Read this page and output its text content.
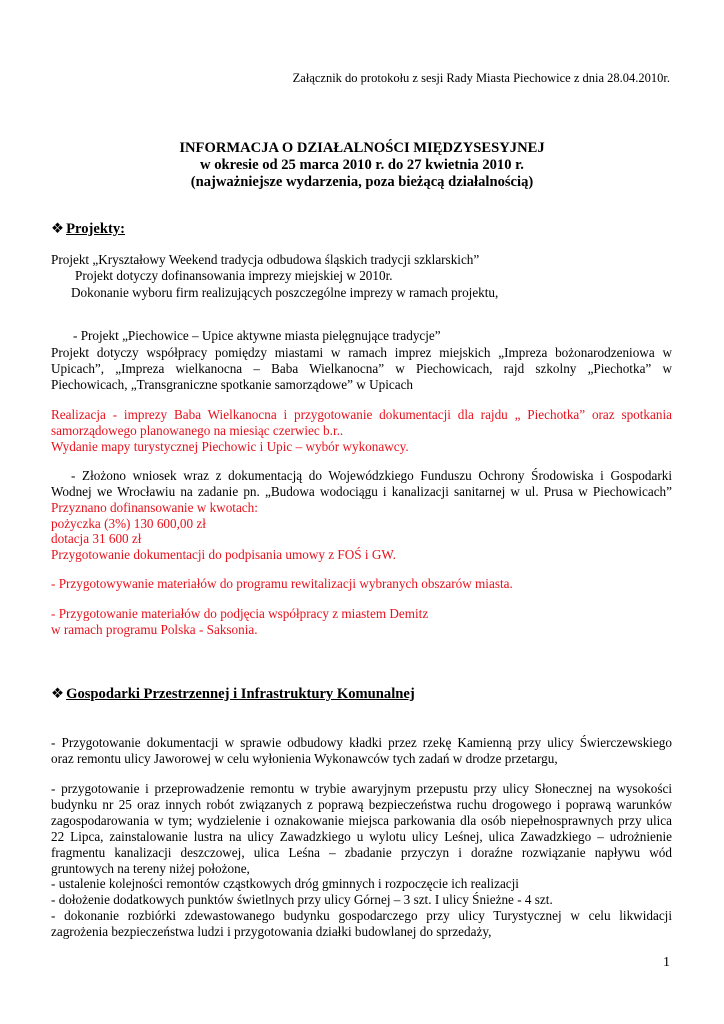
Załącznik do protokołu z sesji Rady Miasta Piechowice z dnia 28.04.2010r.
INFORMACJA O DZIAŁALNOŚCI MIĘDZYSESYJNEJ
w okresie od 25 marca 2010 r. do 27 kwietnia 2010 r.
(najważniejsze wydarzenia, poza bieżącą działalnością)
❖ Projekty:
Projekt „Kryształowy Weekend tradycja odbudowa śląskich tradycji szklarskich”
Projekt dotyczy dofinansowania imprezy miejskiej w 2010r.
Dokonanie wyboru firm realizujących poszczególne imprezy w ramach projektu,
- Projekt „Piechowice – Upice aktywne miasta pielęgnujące tradycje”
Projekt dotyczy współpracy pomiędzy miastami w ramach imprez miejskich „Impreza bożonarodzeniowa w
Upicach”, „Impreza wielkanocna – Baba Wielkanocna” w Piechowicach, rajd szkolny „Piechotka” w
Piechowicach, „Transgraniczne spotkanie samorządowe” w Upicach
Realizacja - imprezy Baba Wielkanocna i przygotowanie dokumentacji dla rajdu „ Piechotka” oraz spotkania
samorządowego planowanego na miesiąc czerwiec b.r..
Wydanie mapy turystycznej Piechowic i Upic – wybór wykonawcy.
- Złożono wniosek wraz z dokumentacją do Wojewódzkiego Funduszu Ochrony Środowiska i Gospodarki
Wodnej we Wrocławiu na zadanie pn. „Budowa wodociągu i kanalizacji sanitarnej w ul. Prusa w Piechowicach”
Przyznano dofinansowanie w kwotach:
pożyczka (3%) 130 600,00 zł
dotacja 31 600 zł
Przygotowanie dokumentacji do podpisania umowy z FOŚ i GW.
- Przygotowywanie materiałów do programu rewitalizacji wybranych obszarów miasta.
- Przygotowanie materiałów do podjęcia współpracy z miastem Demitz
w ramach programu Polska - Saksonia.
❖ Gospodarki Przestrzennej i Infrastruktury Komunalnej
- Przygotowanie dokumentacji w sprawie odbudowy kładki przez rzekę Kamienną przy ulicy Świerczewskiego
oraz remontu ulicy Jaworowej w celu wyłonienia Wykonawców tych zadań w drodze przetargu,
- przygotowanie i przeprowadzenie remontu w trybie awaryjnym przepustu przy ulicy Słonecznej na wysokości
budynku nr 25 oraz innych robót związanych z poprawą bezpieczeństwa ruchu drogowego i poprawą warunków
zagospodarowania w tym; wydzielenie i oznakowanie miejsca parkowania dla osób niepełnosprawnych przy ulica
22 Lipca, zainstalowanie lustra na ulicy Zawadzkiego u wylotu ulicy Leśnej, ulica Zawadzkiego – udrożnienie
fragmentu kanalizacji deszczowej, ulica Leśna – zbadanie przyczyn i doraźne rozwiązanie napływu wód
gruntowych na tereny niżej położone,
- ustalenie kolejności remontów cząstkowych dróg gminnych i rozpoczęcie ich realizacji
- dołożenie dodatkowych punktów świetlnych przy ulicy Górnej – 3 szt. I ulicy Śnieżne - 4 szt.
- dokonanie rozbiórki zdewastowanego budynku gospodarczego przy ulicy Turystycznej w celu likwidacji
zagrożenia bezpieczeństwa ludzi i przygotowania działki budowlanej do sprzedaży,
1
